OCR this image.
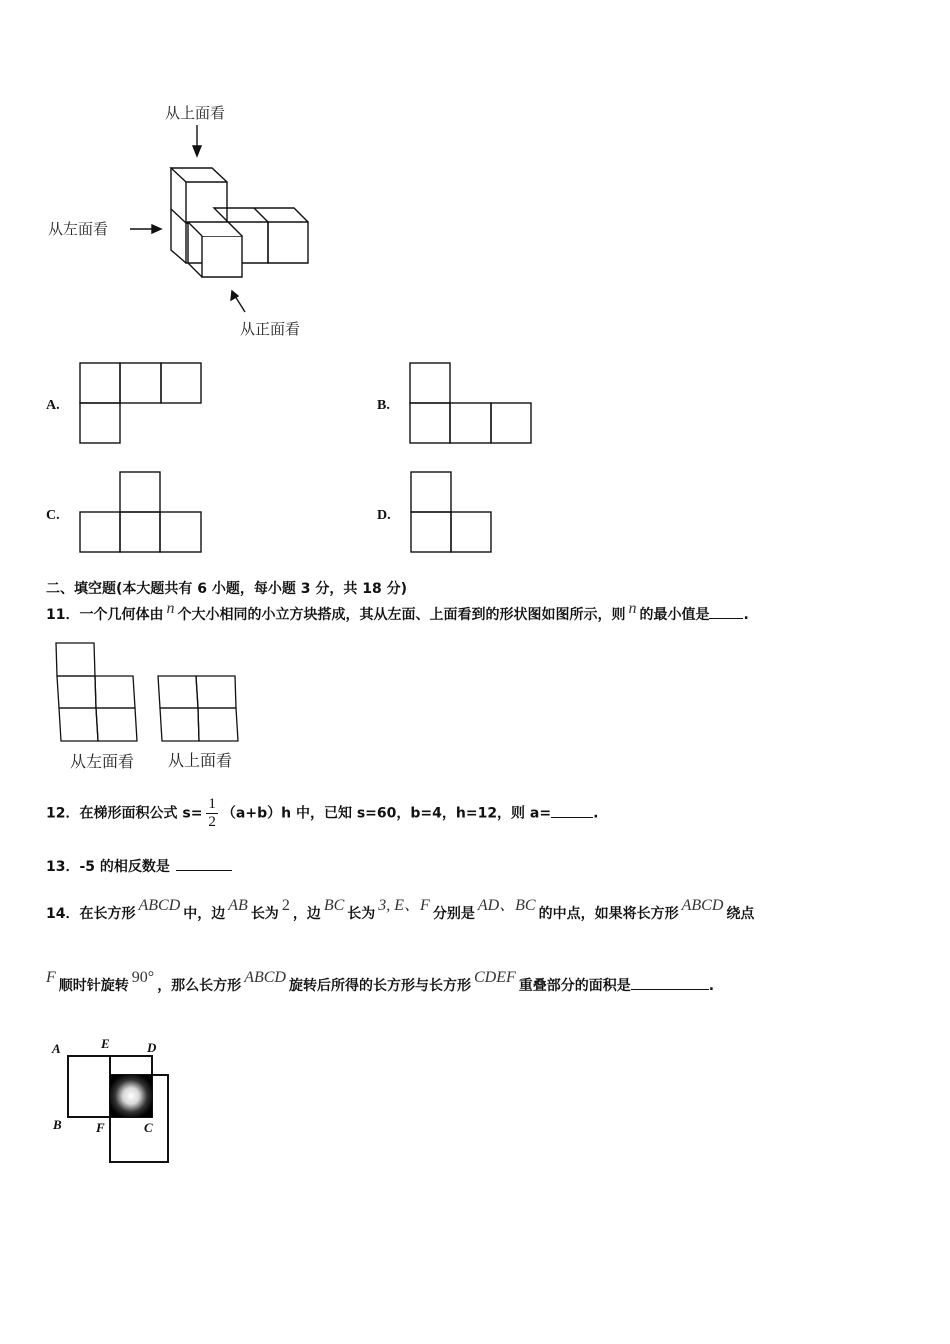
从上面看
从左面看
从正面看
A.	B.
C.	D.
二、填空题(本大题共有 6 小题，每小题 3 分，共 18 分)
11．一个几何体由 n 个大小相同的小立方块搭成，其从左面、上面看到的形状图如图所示，则 n 的最小值是 .
从左面看 从上面看
12．在梯形面积公式 $s= \frac{1}{2} (a+b)h$ 中，已知 s=60，b=4，h=12，则 a=	.
13．-5 的相反数是
14．在长方形 ABCD 中，边 AB 长为 2 ，边 BC 长为 3, E、F 分别是 AD、BC 的中点，如果将长方形 ABCD 绕点
F 顺时针旋转 90° ，那么长方形 ABCD 旋转后所得的长方形与长方形 CDEF 重叠部分的面积是	.
A	E	D
B	F	C
